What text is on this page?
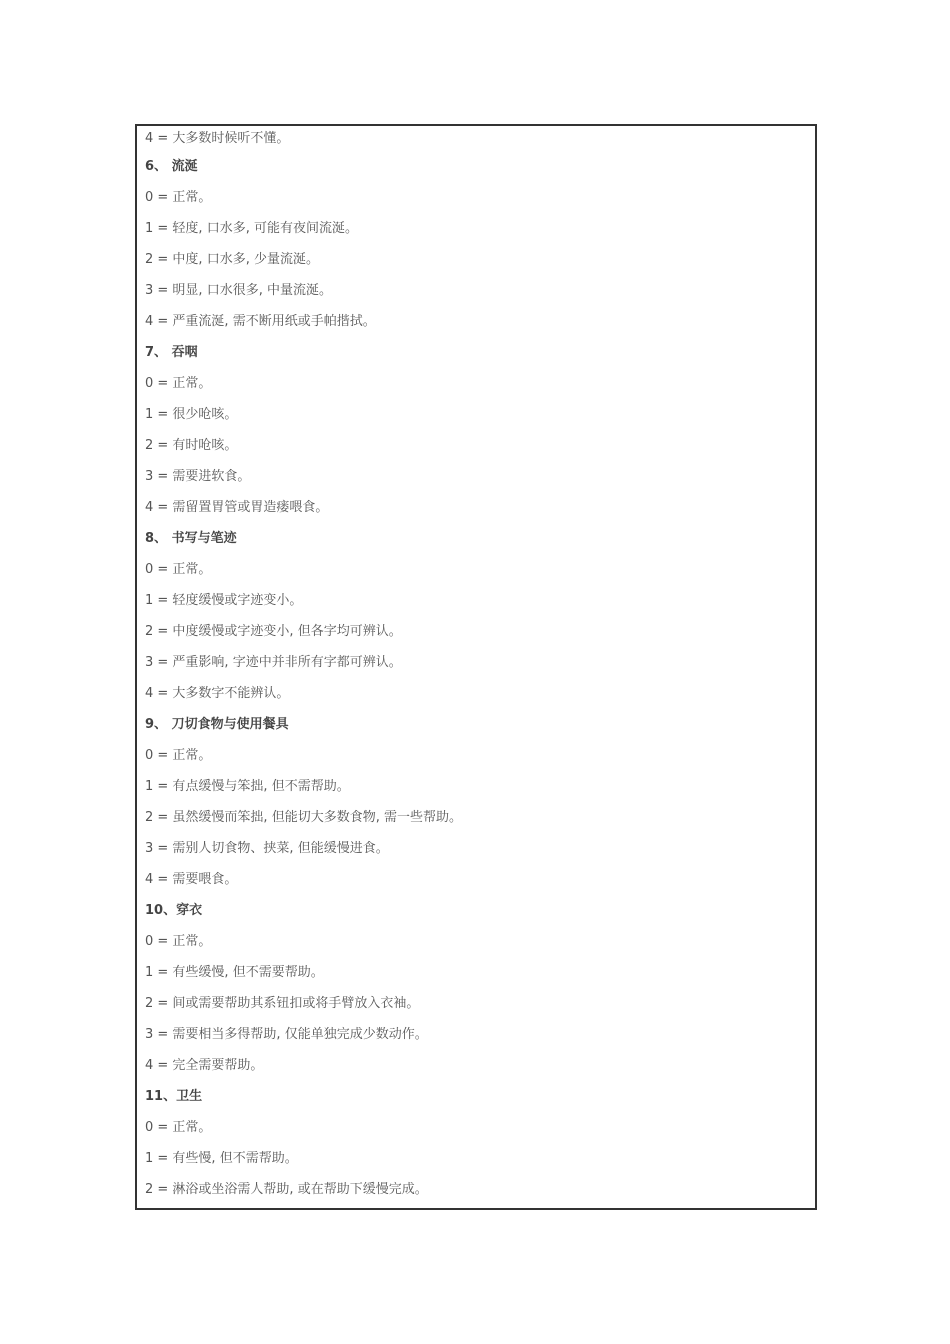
4 = 大多数时候听不懂。
6、 流涎
0 = 正常。
1 = 轻度, 口水多, 可能有夜间流涎。
2 = 中度, 口水多, 少量流涎。
3 = 明显, 口水很多, 中量流涎。
4 = 严重流涎, 需不断用纸或手帕揩拭。
7、 吞咽
0 = 正常。
1 = 很少呛咳。
2 = 有时呛咳。
3 = 需要进软食。
4 = 需留置胃管或胃造瘘喂食。
8、 书写与笔迹
0 = 正常。
1 = 轻度缓慢或字迹变小。
2 = 中度缓慢或字迹变小, 但各字均可辨认。
3 = 严重影响, 字迹中并非所有字都可辨认。
4 = 大多数字不能辨认。
9、 刀切食物与使用餐具
0 = 正常。
1 = 有点缓慢与笨拙, 但不需帮助。
2 = 虽然缓慢而笨拙, 但能切大多数食物, 需一些帮助。
3 = 需别人切食物、挟菜, 但能缓慢进食。
4 = 需要喂食。
10、穿衣
0 = 正常。
1 = 有些缓慢, 但不需要帮助。
2 = 间或需要帮助其系钮扣或将手臂放入衣袖。
3 = 需要相当多得帮助, 仅能单独完成少数动作。
4 = 完全需要帮助。
11、卫生
0 = 正常。
1 = 有些慢, 但不需帮助。
2 = 淋浴或坐浴需人帮助, 或在帮助下缓慢完成。
